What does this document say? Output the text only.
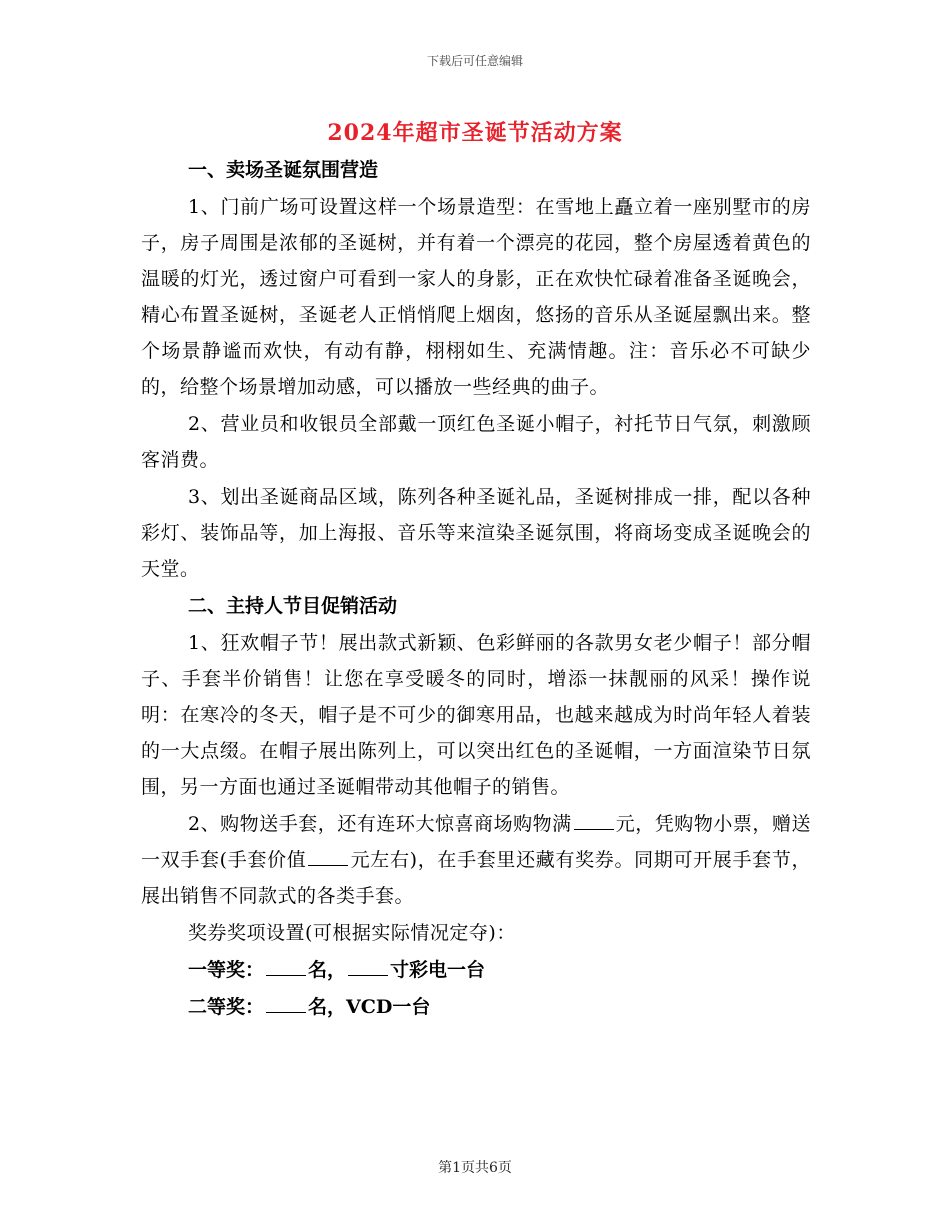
下载后可任意编辑
2024年超市圣诞节活动方案
一、卖场圣诞氛围营造
1、门前广场可设置这样一个场景造型：在雪地上矗立着一座别墅市的房子，房子周围是浓郁的圣诞树，并有着一个漂亮的花园，整个房屋透着黄色的温暖的灯光，透过窗户可看到一家人的身影，正在欢快忙碌着准备圣诞晚会，精心布置圣诞树，圣诞老人正悄悄爬上烟囱，悠扬的音乐从圣诞屋飘出来。整个场景静谧而欢快，有动有静，栩栩如生、充满情趣。注：音乐必不可缺少的，给整个场景增加动感，可以播放一些经典的曲子。
2、营业员和收银员全部戴一顶红色圣诞小帽子，衬托节日气氛，刺激顾客消费。
3、划出圣诞商品区域，陈列各种圣诞礼品，圣诞树排成一排，配以各种彩灯、装饰品等，加上海报、音乐等来渲染圣诞氛围，将商场变成圣诞晚会的天堂。
二、主持人节目促销活动
1、狂欢帽子节！展出款式新颖、色彩鲜丽的各款男女老少帽子！部分帽子、手套半价销售！让您在享受暖冬的同时，增添一抹靓丽的风采！操作说明：在寒冷的冬天，帽子是不可少的御寒用品，也越来越成为时尚年轻人着装的一大点缀。在帽子展出陈列上，可以突出红色的圣诞帽，一方面渲染节日氛围，另一方面也通过圣诞帽带动其他帽子的销售。
2、购物送手套，还有连环大惊喜商场购物满 元，凭购物小票，赠送一双手套(手套价值 元左右)，在手套里还藏有奖券。同期可开展手套节，展出销售不同款式的各类手套。
奖券奖项设置(可根据实际情况定夺)：
一等奖： 名， 寸彩电一台
二等奖： 名，VCD一台
第1页共6页
